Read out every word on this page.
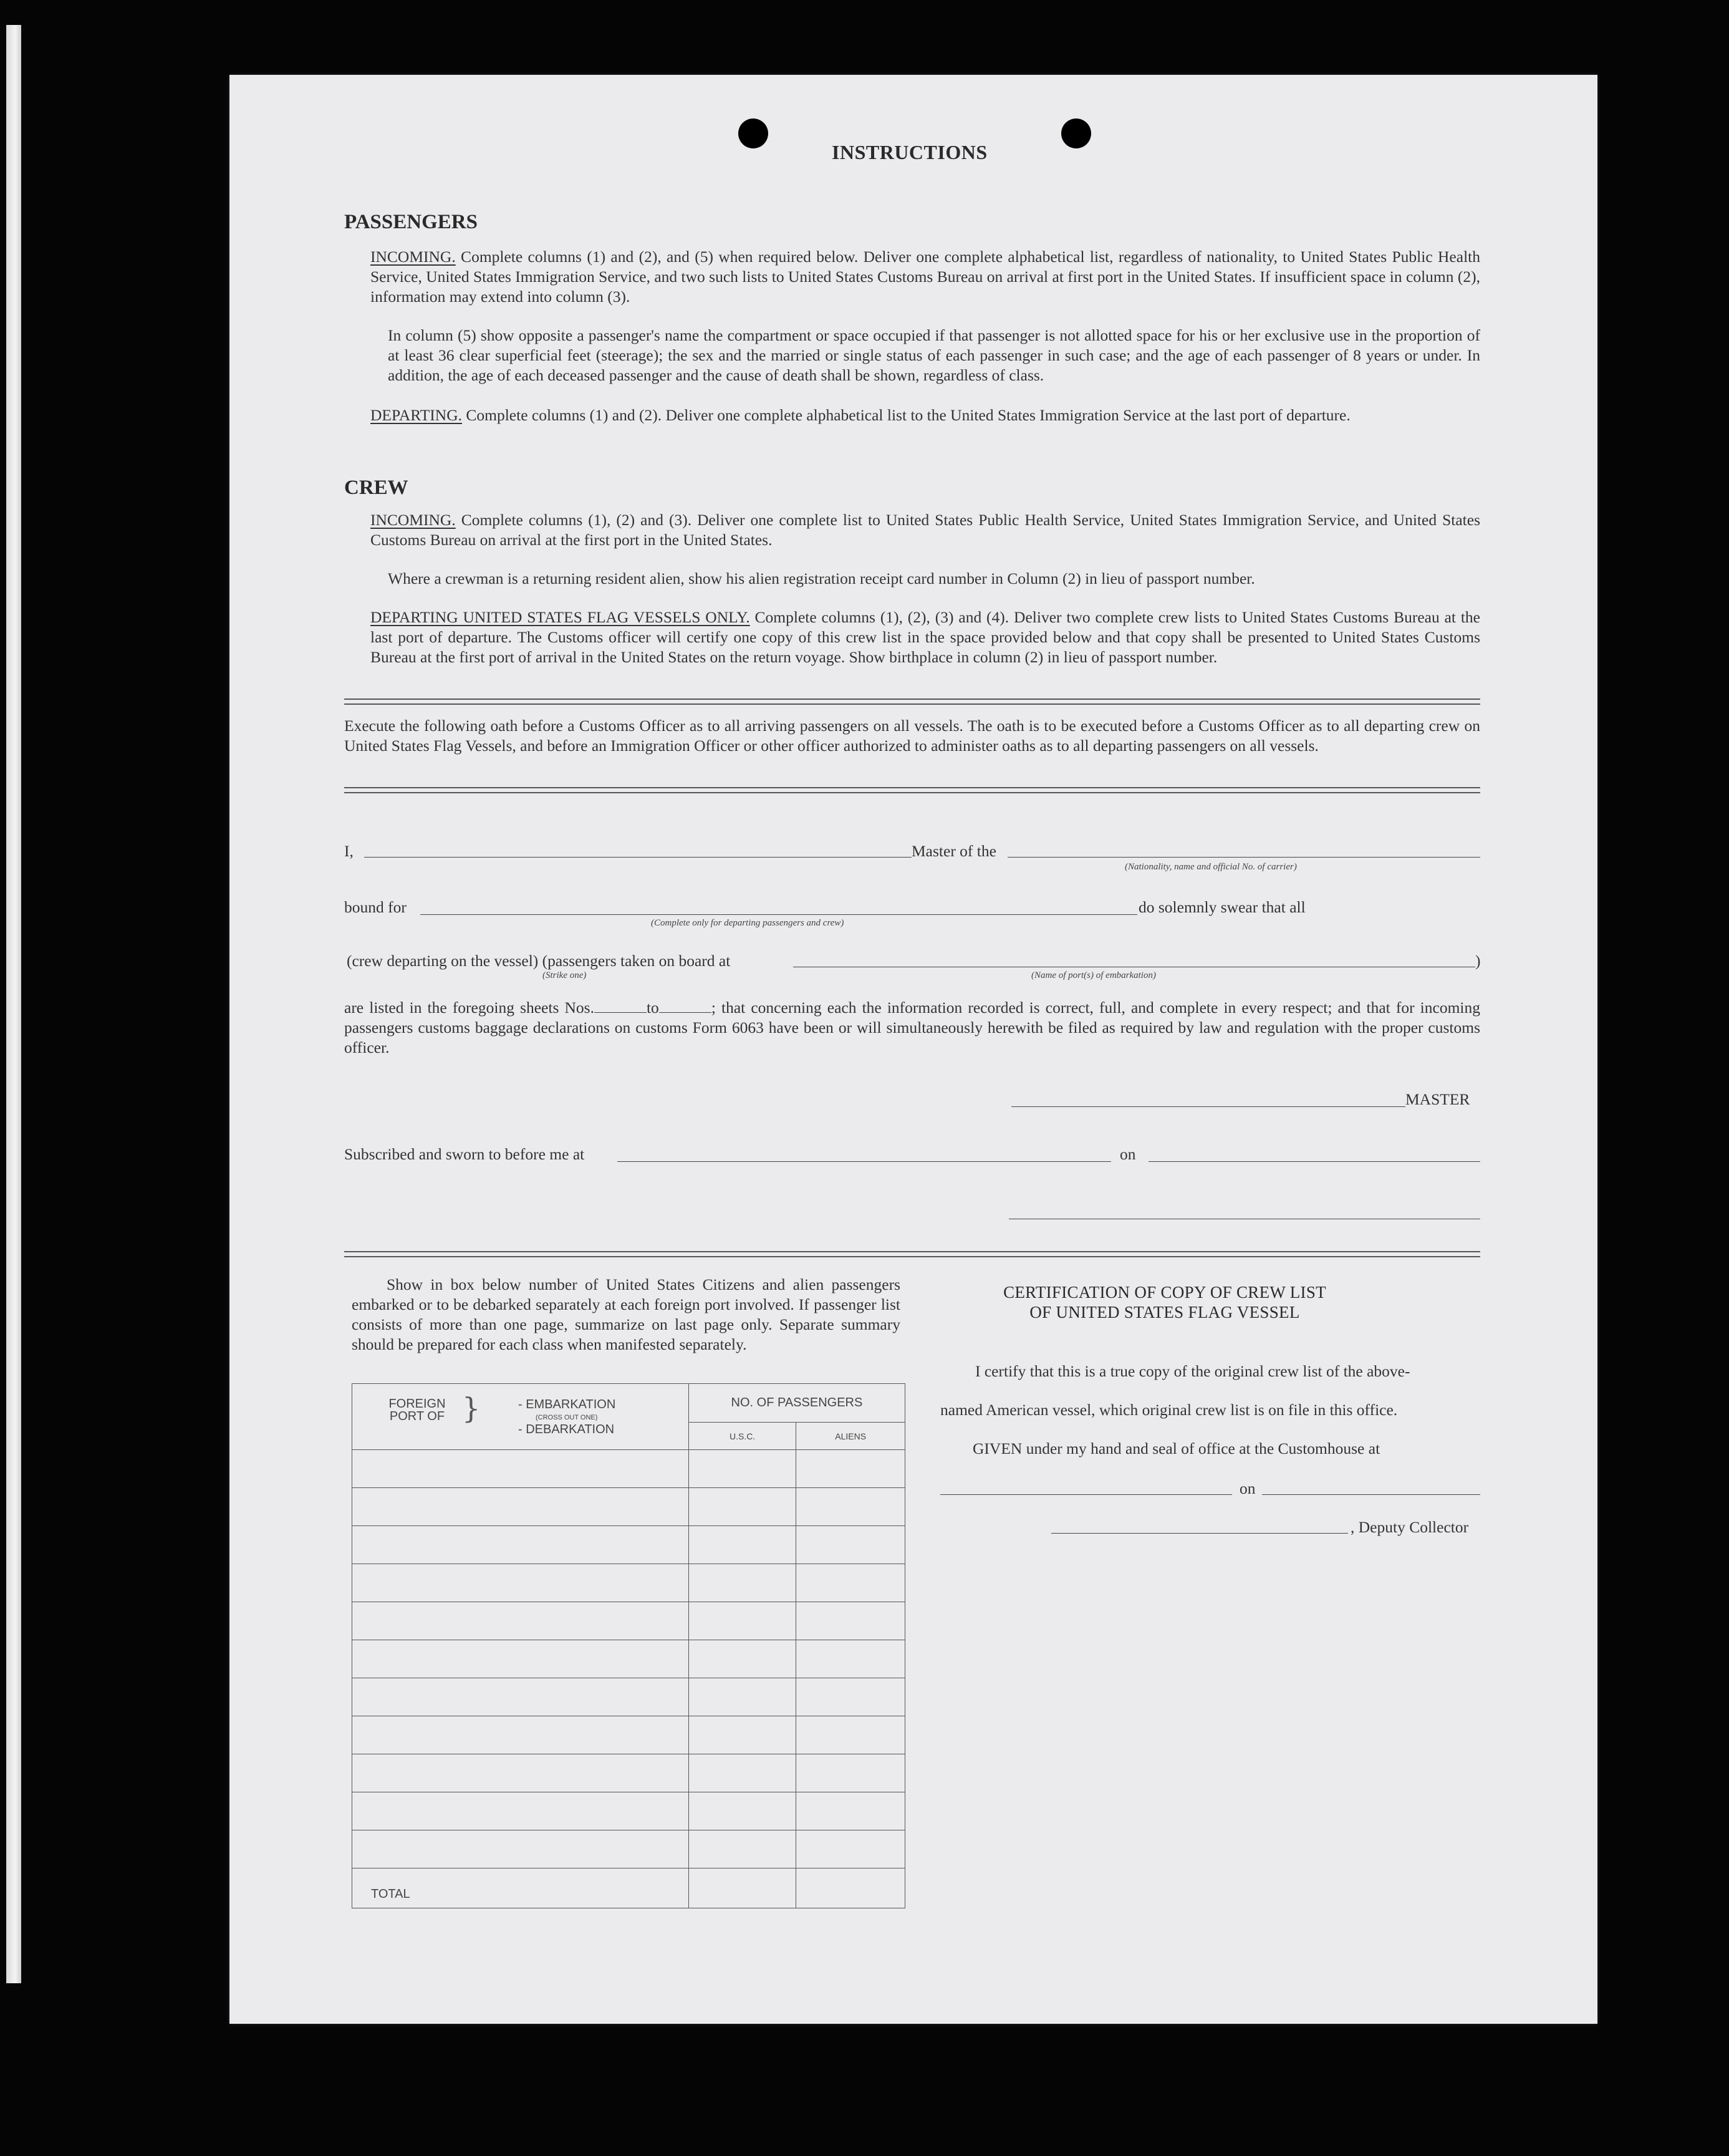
INSTRUCTIONS
PASSENGERS
INCOMING. Complete columns (1) and (2), and (5) when required below. Deliver one complete alphabetical list, regardless of nationality, to United States Public Health Service, United States Immigration Service, and two such lists to United States Customs Bureau on arrival at first port in the United States. If insufficient space in column (2), information may extend into column (3).
In column (5) show opposite a passenger's name the compartment or space occupied if that passenger is not allotted space for his or her exclusive use in the proportion of at least 36 clear superficial feet (steerage); the sex and the married or single status of each passenger in such case; and the age of each passenger of 8 years or under. In addition, the age of each deceased passenger and the cause of death shall be shown, regardless of class.
DEPARTING. Complete columns (1) and (2). Deliver one complete alphabetical list to the United States Immigration Service at the last port of departure.
CREW
INCOMING. Complete columns (1), (2) and (3). Deliver one complete list to United States Public Health Service, United States Immigration Service, and United States Customs Bureau on arrival at the first port in the United States.
Where a crewman is a returning resident alien, show his alien registration receipt card number in Column (2) in lieu of passport number.
DEPARTING UNITED STATES FLAG VESSELS ONLY. Complete columns (1), (2), (3) and (4). Deliver two complete crew lists to United States Customs Bureau at the last port of departure. The Customs officer will certify one copy of this crew list in the space provided below and that copy shall be presented to United States Customs Bureau at the first port of arrival in the United States on the return voyage. Show birthplace in column (2) in lieu of passport number.
Execute the following oath before a Customs Officer as to all arriving passengers on all vessels. The oath is to be executed before a Customs Officer as to all departing crew on United States Flag Vessels, and before an Immigration Officer or other officer authorized to administer oaths as to all departing passengers on all vessels.
I,	Master of the
(Nationality, name and official No. of carrier)
bound for
(Complete only for departing passengers and crew)
do solemnly swear that all
(crew departing on the vessel) (passengers taken on board at	)
(Strike one)	(Name of port(s) of embarkation)
are listed in the foregoing sheets Nos.	to	; that concerning each the information recorded is correct, full, and complete in every respect; and that for incoming passengers customs baggage declarations on customs Form 6063 have been or will simultaneously herewith be filed as required by law and regulation with the proper customs officer.
MASTER
Subscribed and sworn to before me at	on
Show in box below number of United States Citizens and alien passengers embarked or to be debarked separately at each foreign port involved. If passenger list consists of more than one page, summarize on last page only. Separate summary should be prepared for each class when manifested separately.
FOREIGN PORT OF } - EMBARKATION
(CROSS OUT ONE)
- DEBARKATION	NO. OF PASSENGERS	
	U.S.C.	ALIENS

TOTAL		
CERTIFICATION OF COPY OF CREW LIST
OF UNITED STATES FLAG VESSEL
I certify that this is a true copy of the original crew list of the above-
named American vessel, which original crew list is on file in this office.
GIVEN under my hand and seal of office at the Customhouse at
on
, Deputy Collector
